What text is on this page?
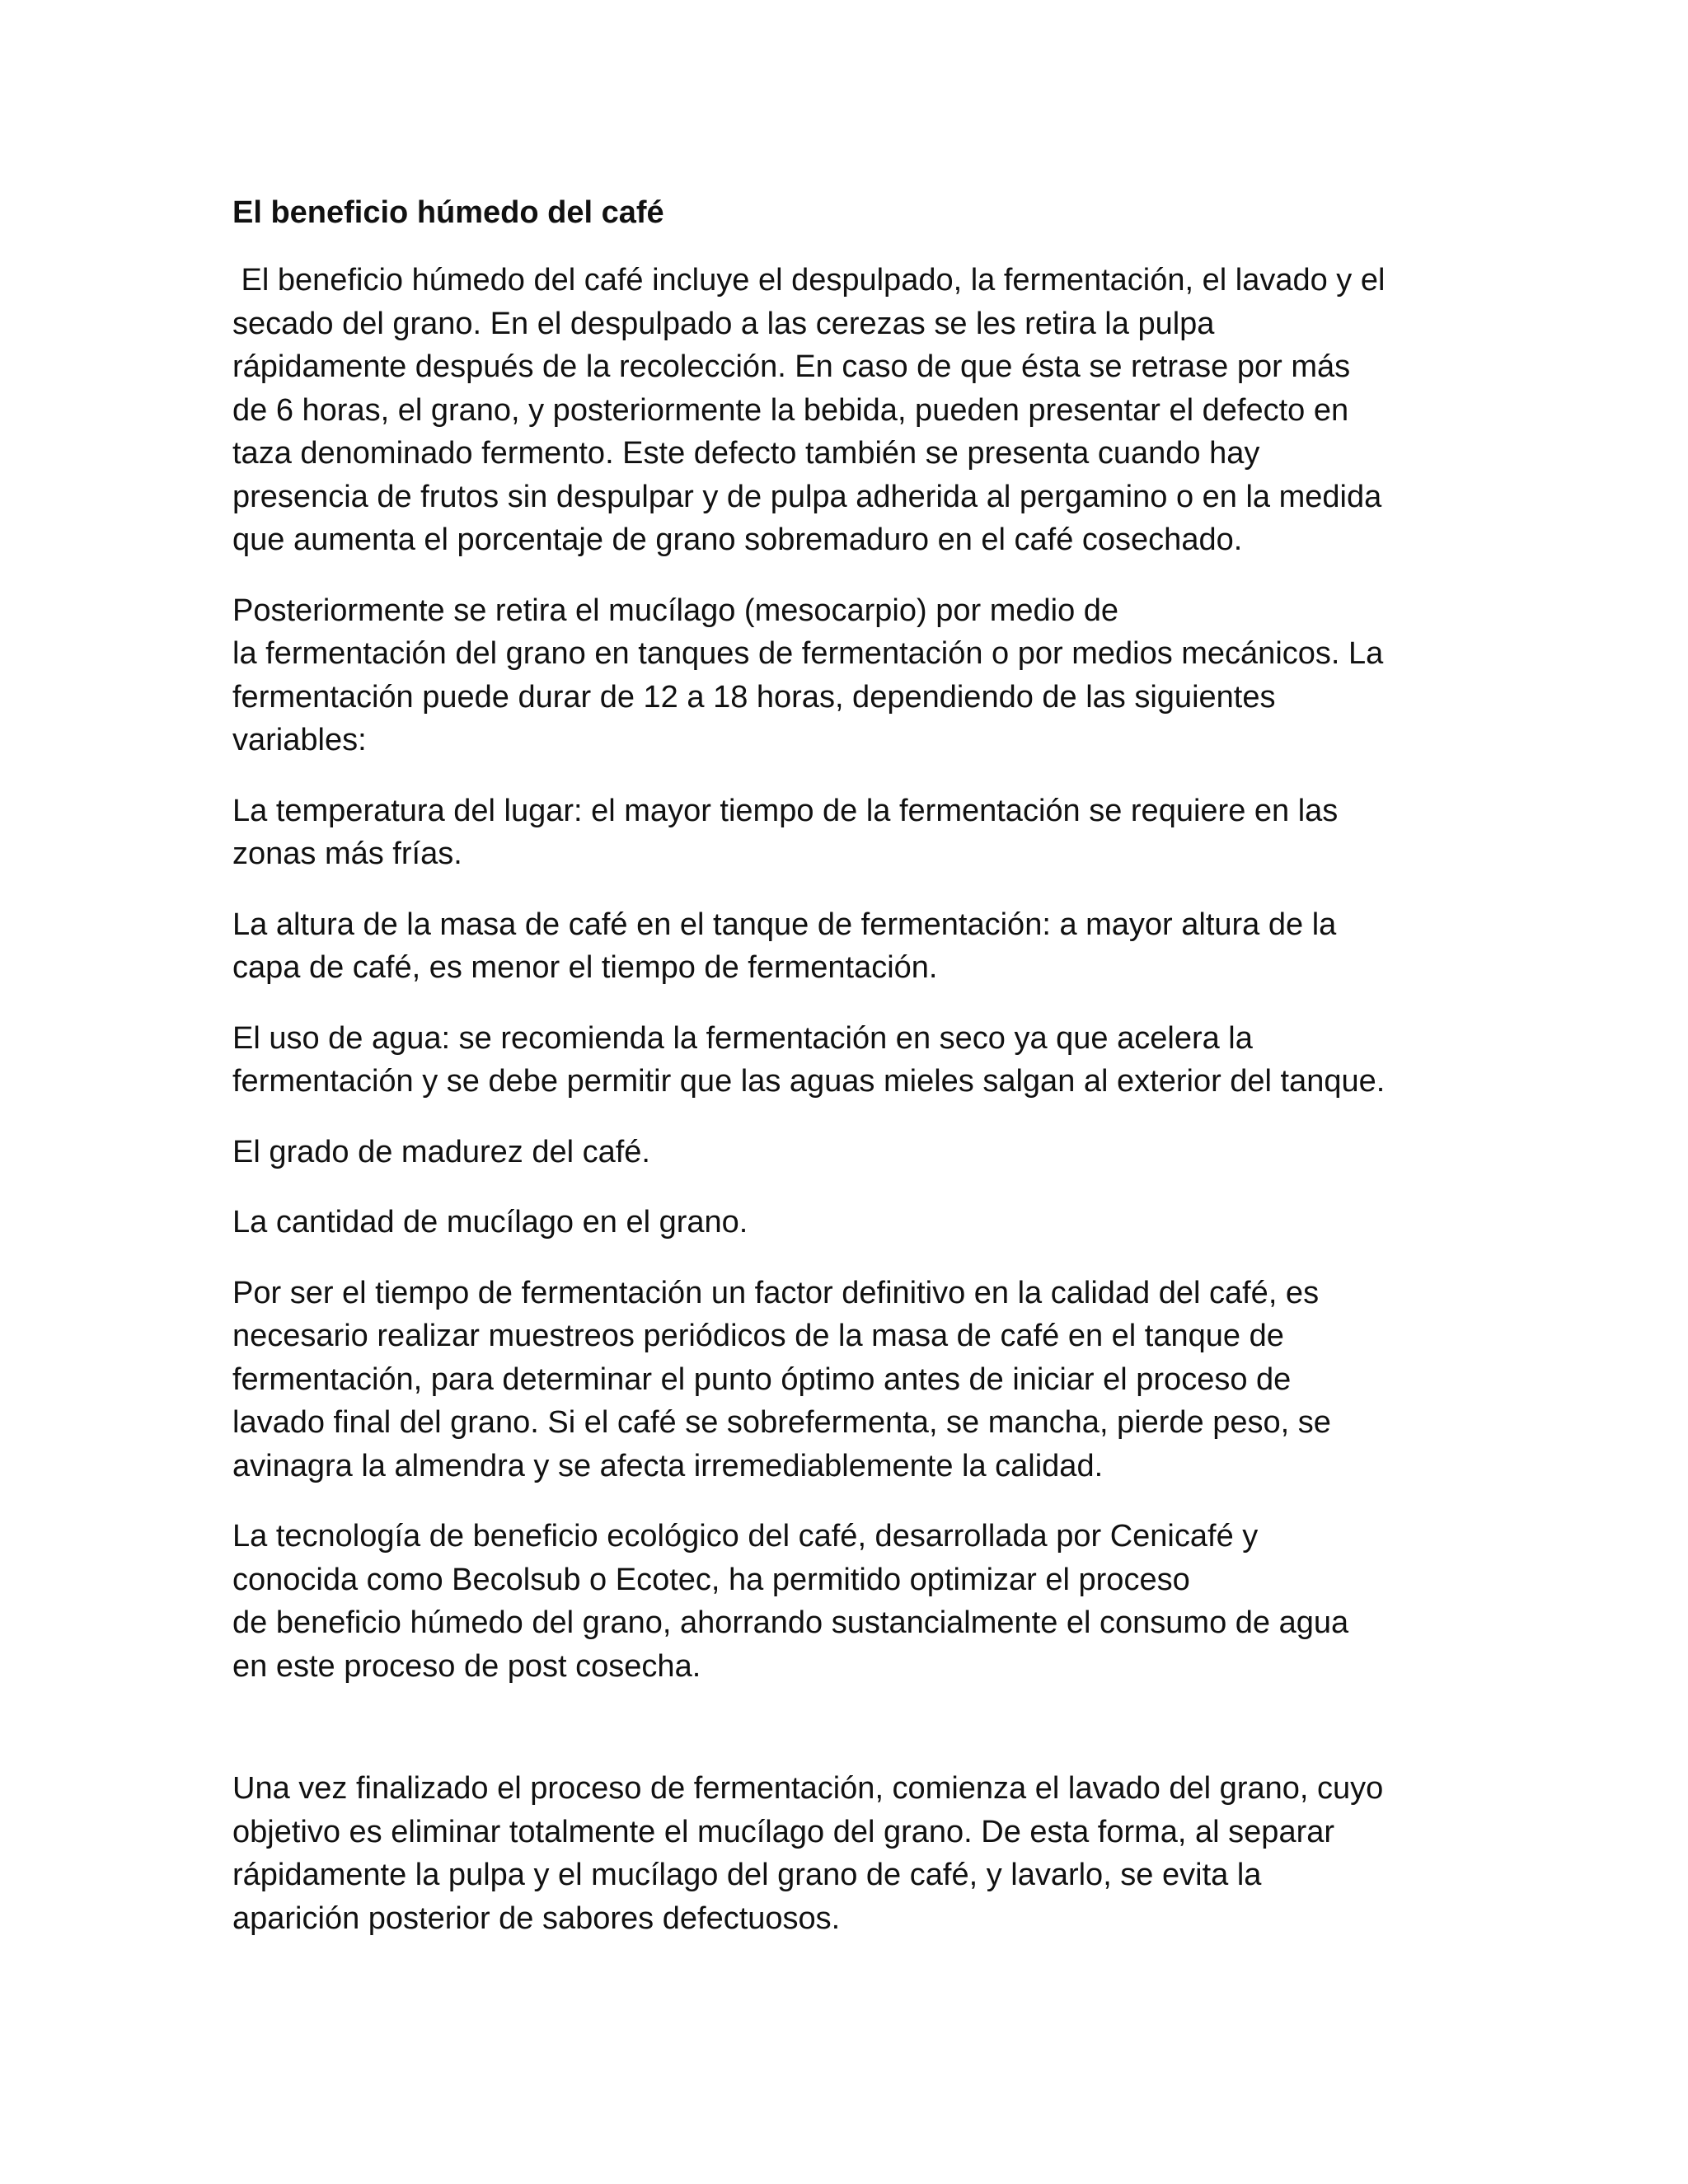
El beneficio húmedo del café
El beneficio húmedo del café incluye el despulpado, la fermentación, el lavado y el
secado del grano. En el despulpado a las cerezas se les retira la pulpa
rápidamente después de la recolección. En caso de que ésta se retrase por más
de 6 horas, el grano, y posteriormente la bebida, pueden presentar el defecto en
taza denominado fermento. Este defecto también se presenta cuando hay
presencia de frutos sin despulpar y de pulpa adherida al pergamino o en la medida
que aumenta el porcentaje de grano sobremaduro en el café cosechado.
Posteriormente se retira el mucílago (mesocarpio) por medio de
la fermentación del grano en tanques de fermentación o por medios mecánicos. La
fermentación puede durar de 12 a 18 horas, dependiendo de las siguientes
variables:
La temperatura del lugar: el mayor tiempo de la fermentación se requiere en las
zonas más frías.
La altura de la masa de café en el tanque de fermentación: a mayor altura de la
capa de café, es menor el tiempo de fermentación.
El uso de agua: se recomienda la fermentación en seco ya que acelera la
fermentación y se debe permitir que las aguas mieles salgan al exterior del tanque.
El grado de madurez del café.
La cantidad de mucílago en el grano.
Por ser el tiempo de fermentación un factor definitivo en la calidad del café, es
necesario realizar muestreos periódicos de la masa de café en el tanque de
fermentación, para determinar el punto óptimo antes de iniciar el proceso de
lavado final del grano. Si el café se sobrefermenta, se mancha, pierde peso, se
avinagra la almendra y se afecta irremediablemente la calidad.
La tecnología de beneficio ecológico del café, desarrollada por Cenicafé y
conocida como Becolsub o Ecotec, ha permitido optimizar el proceso
de beneficio húmedo del grano, ahorrando sustancialmente el consumo de agua
en este proceso de post cosecha.
Una vez finalizado el proceso de fermentación, comienza el lavado del grano, cuyo
objetivo es eliminar totalmente el mucílago del grano. De esta forma, al separar
rápidamente la pulpa y el mucílago del grano de café, y lavarlo, se evita la
aparición posterior de sabores defectuosos.
